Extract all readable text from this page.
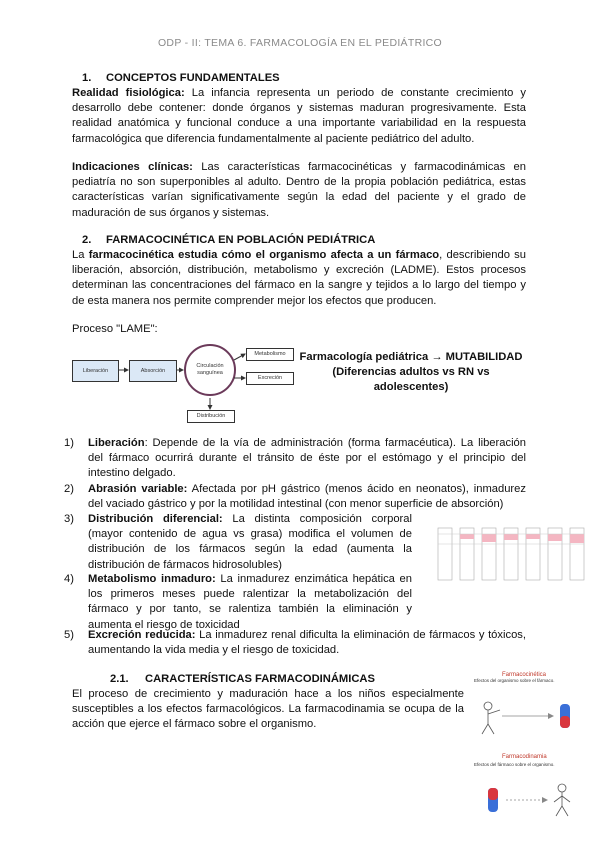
ODP - II: TEMA 6. FARMACOLOGÍA EN EL PEDIÁTRICO
1. CONCEPTOS FUNDAMENTALES
Realidad fisiológica: La infancia representa un periodo de constante crecimiento y desarrollo debe contener: donde órganos y sistemas maduran progresivamente. Esta realidad anatómica y funcional conduce a una importante variabilidad en la respuesta farmacológica que diferencia fundamentalmente al paciente pediátrico del adulto.
Indicaciones clínicas: Las características farmacocinéticas y farmacodinámicas en pediatría no son superponibles al adulto. Dentro de la propia población pediátrica, estas características varían significativamente según la edad del paciente y el grado de maduración de sus órganos y sistemas.
2. FARMACOCINÉTICA EN POBLACIÓN PEDIÁTRICA
La farmacocinética estudia cómo el organismo afecta a un fármaco, describiendo su liberación, absorción, distribución, metabolismo y excreción (LADME). Estos procesos determinan las concentraciones del fármaco en la sangre y tejidos a lo largo del tiempo y de esta manera nos permite comprender mejor los efectos que producen.
Proceso "LAME":
Liberación	Absorción
Circulación sanguínea
Metabolismo
Excreción
Distribución
Farmacología pediátrica → MUTABILIDAD
(Diferencias adultos vs RN vs
adolescentes)
1) Liberación: Depende de la vía de administración (forma farmacéutica). La liberación del fármaco ocurrirá durante el tránsito de éste por el estómago y el principio del intestino delgado.
2) Abrasión variable: Afectada por pH gástrico (menos ácido en neonatos), inmadurez del vaciado gástrico y por la motilidad intestinal (con menor superficie de absorción)
3) Distribución diferencial: La distinta composición corporal (mayor contenido de agua vs grasa) modifica el volumen de distribución de los fármacos según la edad (aumenta la distribución de fármacos hidrosolubles)
4) Metabolismo inmaduro: La inmadurez enzimática hepática en los primeros meses puede ralentizar la metabolización del fármaco y por tanto, se ralentiza también la eliminación y aumenta el riesgo de toxicidad
5) Excreción reducida: La inmadurez renal dificulta la eliminación de fármacos y tóxicos, aumentando la vida media y el riesgo de toxicidad.
2.1. CARACTERÍSTICAS FARMACODINÁMICAS
El proceso de crecimiento y maduración hace a los niños especialmente susceptibles a los efectos farmacológicos. La farmacodinamia se ocupa de la acción que ejerce el fármaco sobre el organismo.
Farmacocinética
Efectos del organismo sobre el fármaco.
Farmacodinamia
Efectos del fármaco sobre el organismo.
